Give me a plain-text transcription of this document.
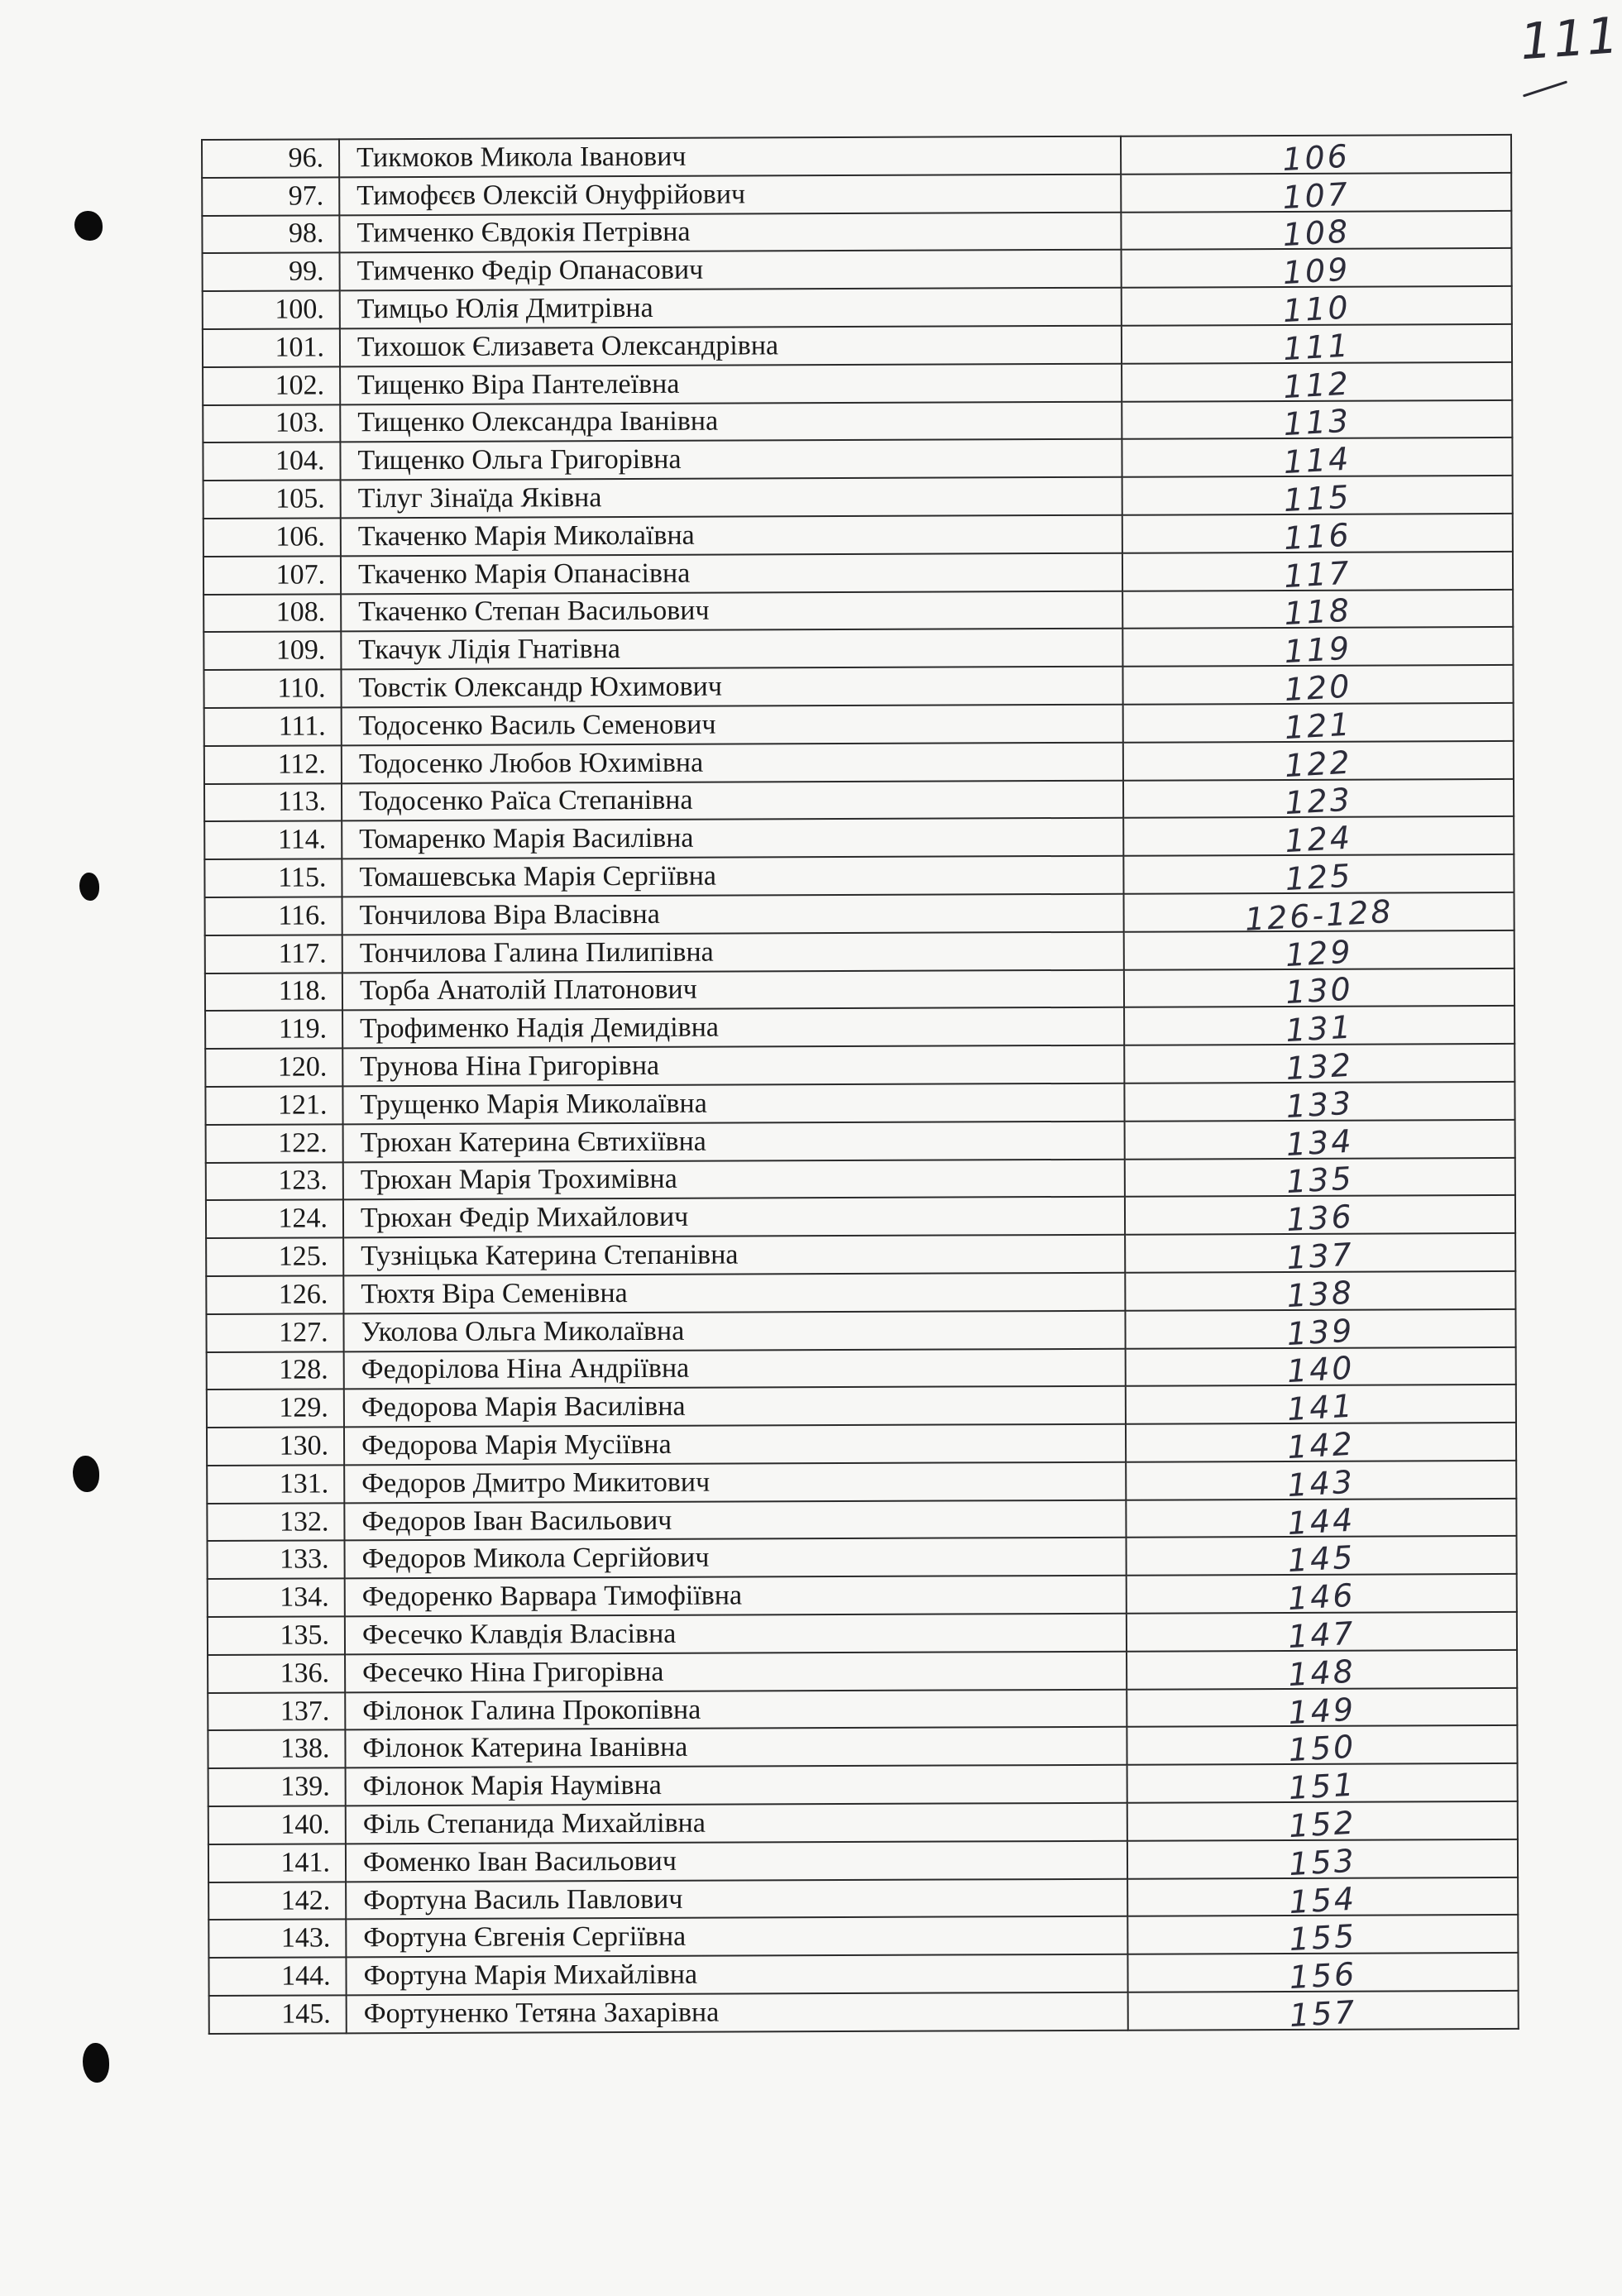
111
96.	Тикмоков Микола Іванович	106
97.	Тимофєєв Олексій Онуфрійович	107
98.	Тимченко Євдокія Петрівна	108
99.	Тимченко Федір Опанасович	109
100.	Тимцьо Юлія Дмитрівна	110
101.	Тихошок Єлизавета Олександрівна	111
102.	Тищенко Віра Пантелеївна	112
103.	Тищенко Олександра Іванівна	113
104.	Тищенко Ольга Григорівна	114
105.	Тілуг Зінаїда Яківна	115
106.	Ткаченко Марія Миколаївна	116
107.	Ткаченко Марія Опанасівна	117
108.	Ткаченко Степан Васильович	118
109.	Ткачук Лідія Гнатівна	119
110.	Товстік Олександр Юхимович	120
111.	Тодосенко Василь Семенович	121
112.	Тодосенко Любов Юхимівна	122
113.	Тодосенко Раїса Степанівна	123
114.	Томаренко Марія Василівна	124
115.	Томашевська Марія Сергіївна	125
116.	Тончилова Віра Власівна	126-128
117.	Тончилова Галина Пилипівна	129
118.	Торба Анатолій Платонович	130
119.	Трофименко Надія Демидівна	131
120.	Трунова Ніна Григорівна	132
121.	Трущенко Марія Миколаївна	133
122.	Трюхан Катерина Євтихіївна	134
123.	Трюхан Марія Трохимівна	135
124.	Трюхан Федір Михайлович	136
125.	Тузніцька Катерина Степанівна	137
126.	Тюхтя Віра Семенівна	138
127.	Уколова Ольга Миколаївна	139
128.	Федорілова Ніна Андріївна	140
129.	Федорова Марія Василівна	141
130.	Федорова Марія Мусіївна	142
131.	Федоров Дмитро Микитович	143
132.	Федоров Іван Васильович	144
133.	Федоров Микола Сергійович	145
134.	Федоренко Варвара Тимофіївна	146
135.	Фесечко Клавдія Власівна	147
136.	Фесечко Ніна Григорівна	148
137.	Філонок Галина Прокопівна	149
138.	Філонок Катерина Іванівна	150
139.	Філонок Марія Наумівна	151
140.	Філь Степанида Михайлівна	152
141.	Фоменко Іван Васильович	153
142.	Фортуна Василь Павлович	154
143.	Фортуна Євгенія Сергіївна	155
144.	Фортуна Марія Михайлівна	156
145.	Фортуненко Тетяна Захарівна	157
